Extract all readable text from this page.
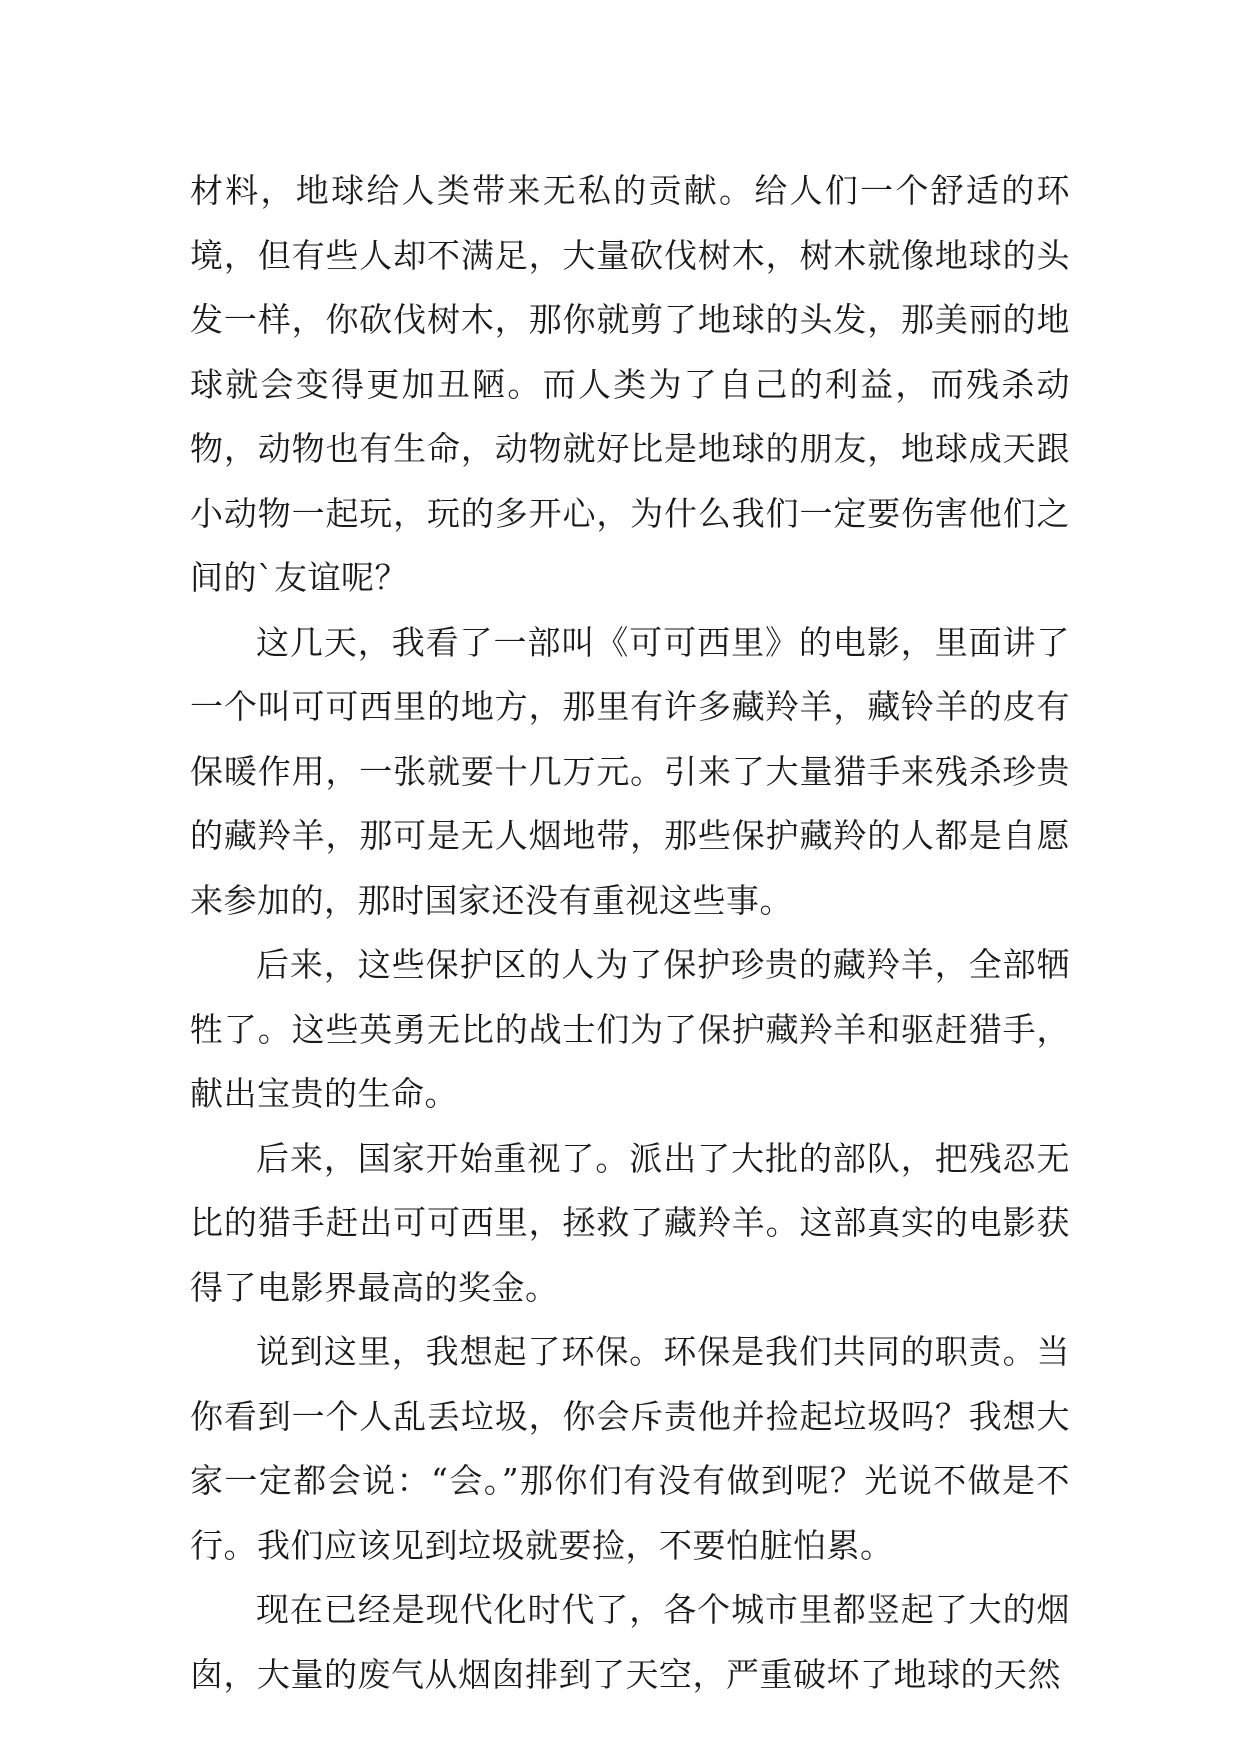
材料，地球给人类带来无私的贡献。给人们一个舒适的环境，但有些人却不满足，大量砍伐树木，树木就像地球的头发一样，你砍伐树木，那你就剪了地球的头发，那美丽的地球就会变得更加丑陋。而人类为了自己的利益，而残杀动物，动物也有生命，动物就好比是地球的朋友，地球成天跟小动物一起玩，玩的多开心，为什么我们一定要伤害他们之间的`友谊呢？

这几天，我看了一部叫《可可西里》的电影，里面讲了一个叫可可西里的地方，那里有许多藏羚羊，藏铃羊的皮有保暖作用，一张就要十几万元。引来了大量猎手来残杀珍贵的藏羚羊，那可是无人烟地带，那些保护藏羚的人都是自愿来参加的，那时国家还没有重视这些事。

后来，这些保护区的人为了保护珍贵的藏羚羊，全部牺牲了。这些英勇无比的战士们为了保护藏羚羊和驱赶猎手，献出宝贵的生命。

后来，国家开始重视了。派出了大批的部队，把残忍无比的猎手赶出可可西里，拯救了藏羚羊。这部真实的电影获得了电影界最高的奖金。

说到这里，我想起了环保。环保是我们共同的职责。当你看到一个人乱丢垃圾，你会斥责他并捡起垃圾吗？我想大家一定都会说：“会。”那你们有没有做到呢？光说不做是不行。我们应该见到垃圾就要捡，不要怕脏怕累。

现在已经是现代化时代了，各个城市里都竖起了大的烟囱，大量的废气从烟囱排到了天空，严重破坏了地球的天然
